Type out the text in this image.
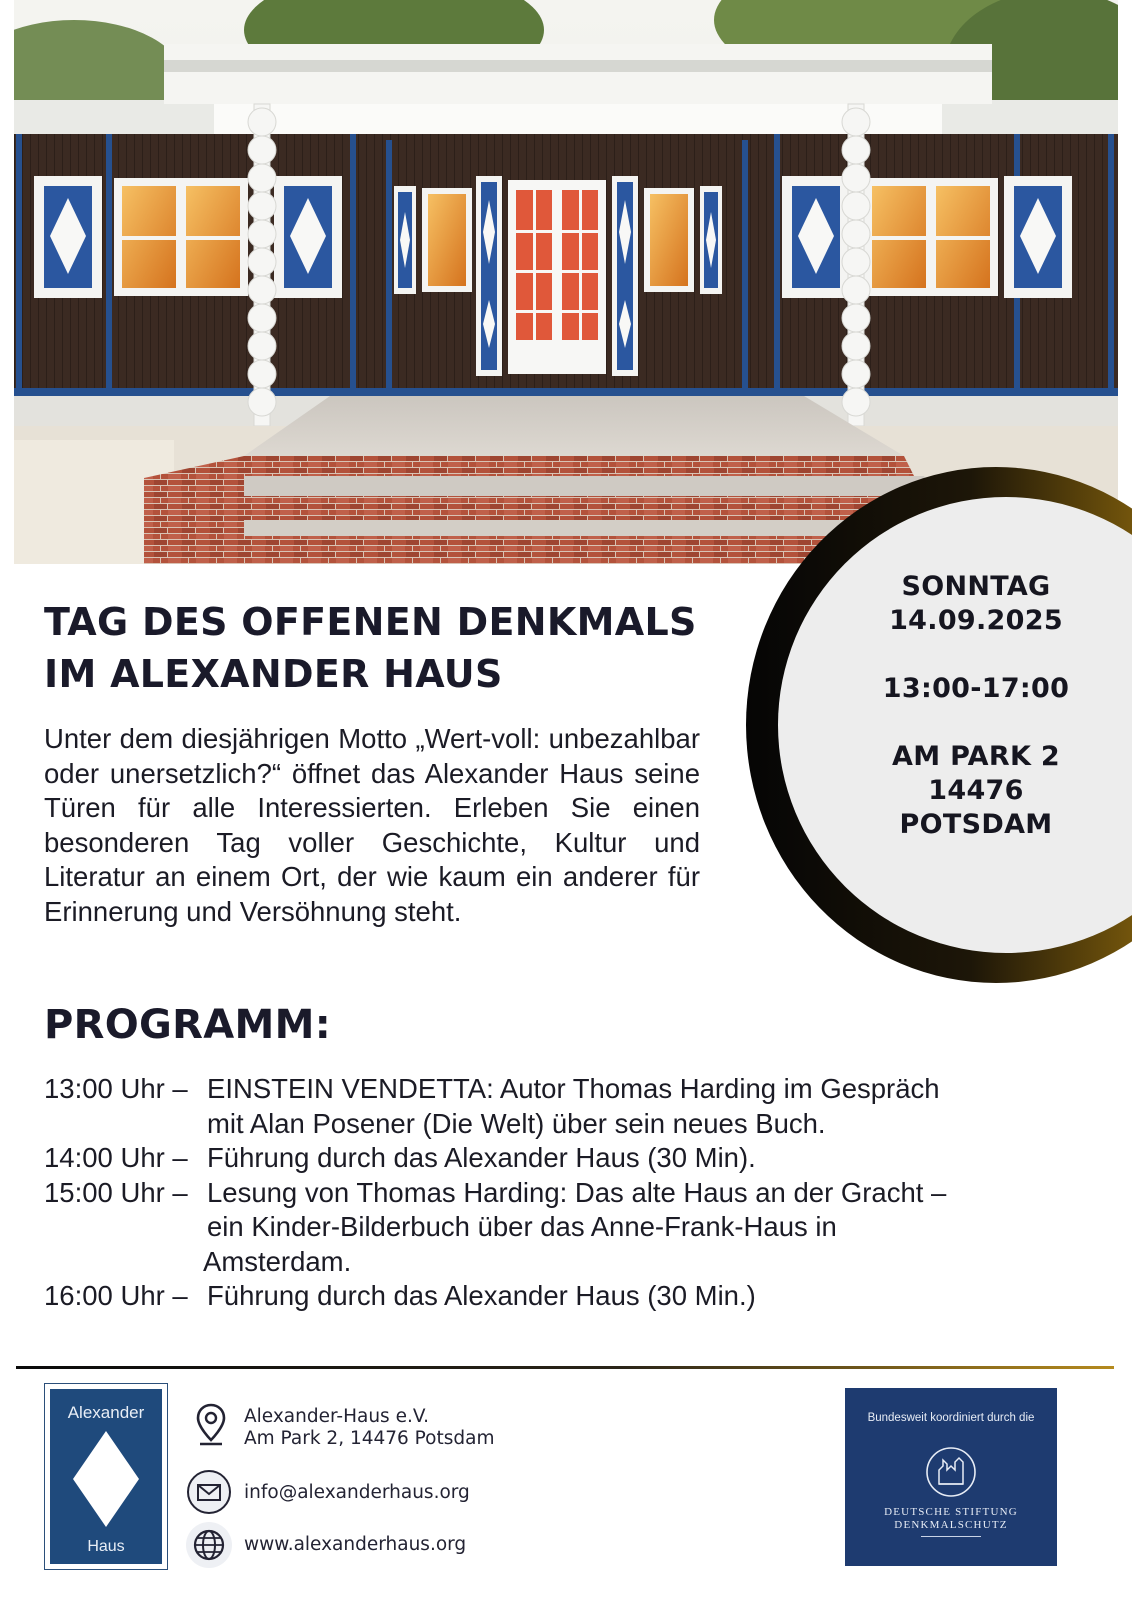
SONNTAG
14.09.2025
13:00-17:00
AM PARK 2
14476
POTSDAM
TAG DES OFFENEN DENKMALS
IM ALEXANDER HAUS

Unter dem diesjährigen Motto „Wert-voll: unbezahlbar oder unersetzlich?“ öffnet das Alexander Haus seine Türen für alle Interessierten. Erleben Sie einen besonderen Tag voller Geschichte, Kultur und Literatur an einem Ort, der wie kaum ein anderer für Erinnerung und Versöhnung steht.

PROGRAMM:
13:00 Uhr – EINSTEIN VENDETTA: Autor Thomas Harding im Gespräch
mit Alan Posener (Die Welt) über sein neues Buch.
14:00 Uhr – Führung durch das Alexander Haus (30 Min).
15:00 Uhr – Lesung von Thomas Harding: Das alte Haus an der Gracht –
ein Kinder-Bilderbuch über das Anne-Frank-Haus in
Amsterdam.
16:00 Uhr – Führung durch das Alexander Haus (30 Min.)
Alexander
Haus
Alexander-Haus e.V.
Am Park 2, 14476 Potsdam
info@alexanderhaus.org
www.alexanderhaus.org
Bundesweit koordiniert durch die
DEUTSCHE STIFTUNG
DENKMALSCHUTZ
